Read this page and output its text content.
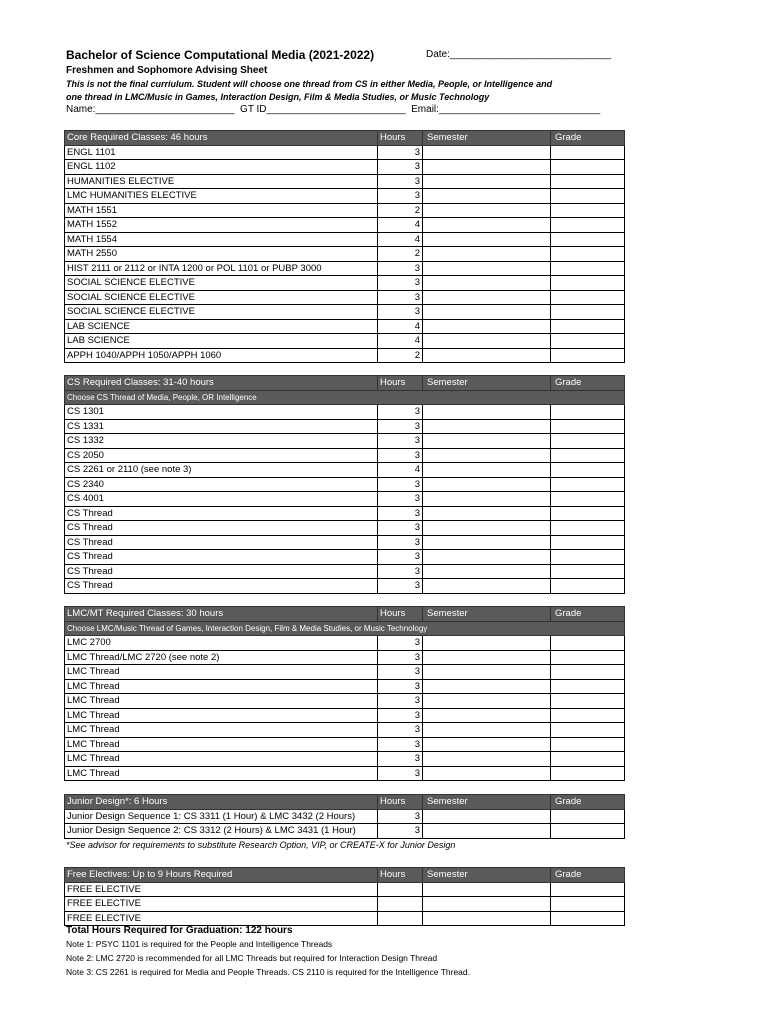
Bachelor of Science Computational Media (2021-2022)	Date:_____________________________
Freshmen and Sophomore Advising Sheet
This is not the final curriulum. Student will choose one thread from CS in either Media, People, or Intelligence and
one thread in LMC/Music in Games, Interaction Design, Film & Media Studies, or Music Technology
Name:_________________________  GT ID_________________________  Email:_____________________________
Core Required Classes: 46 hours	Hours	Semester	Grade
ENGL 1101	3		
ENGL 1102	3		
HUMANITIES ELECTIVE	3		
LMC HUMANITIES ELECTIVE	3		
MATH 1551	2		
MATH 1552	4		
MATH 1554	4		
MATH 2550	2		
HIST 2111 or 2112 or INTA 1200 or POL 1101 or PUBP 3000	3		
SOCIAL SCIENCE ELECTIVE	3		
SOCIAL SCIENCE ELECTIVE	3		
SOCIAL SCIENCE ELECTIVE	3		
LAB SCIENCE	4		
LAB SCIENCE	4		
APPH 1040/APPH 1050/APPH 1060	2		
CS Required Classes: 31-40 hours	Hours	Semester	Grade
Choose CS Thread of Media, People, OR Intelligence			
CS 1301	3		
CS 1331	3		
CS 1332	3		
CS 2050	3		
CS 2261 or 2110 (see note 3)	4		
CS 2340	3		
CS 4001	3		
CS Thread	3		
CS Thread	3		
CS Thread	3		
CS Thread	3		
CS Thread	3		
CS Thread	3		
LMC/MT Required Classes: 30 hours	Hours	Semester	Grade
Choose LMC/Music Thread of Games, Interaction Design, Film & Media Studies, or Music Technology			
LMC 2700	3		
LMC Thread/LMC 2720 (see note 2)	3		
LMC Thread	3		
LMC Thread	3		
LMC Thread	3		
LMC Thread	3		
LMC Thread	3		
LMC Thread	3		
LMC Thread	3		
LMC Thread	3		
Junior Design*: 6 Hours	Hours	Semester	Grade
Junior Design Sequence 1: CS 3311 (1 Hour) & LMC 3432 (2 Hours)	3		
Junior Design Sequence 2: CS 3312 (2 Hours) & LMC 3431 (1 Hour)	3		
*See advisor for requirements to substitute Research Option, VIP, or CREATE-X for Junior Design
Free Electives: Up to 9 Hours Required	Hours	Semester	Grade
FREE ELECTIVE			
FREE ELECTIVE			
FREE ELECTIVE			
Total Hours Required for Graduation: 122 hours
Note 1: PSYC 1101 is required for the People and Intelligence Threads
Note 2: LMC 2720 is recommended for all LMC Threads but required for Interaction Design Thread
Note 3: CS 2261 is required for Media and People Threads. CS 2110 is required for the Intelligence Thread.
